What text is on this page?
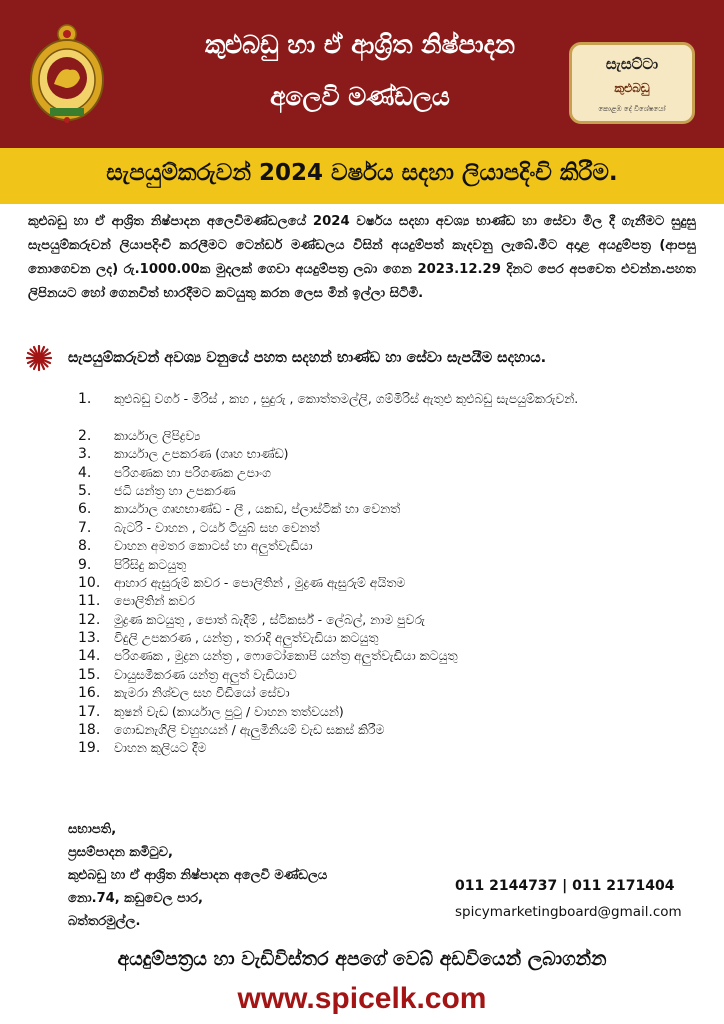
කුළුබඩු හා ඒ ආශ්‍රිත නිෂ්පාදන
අලෙවි මණ්ඩලය
සැසට්ටා
කුළුබඩු
කොළඹ දේ විශේෂයෝ
සැපයුම්කරුවන් 2024 වර්ෂය සදහා ලියාපදිංචි කිරීම.

කුළුබඩු හා ඒ ආශ්‍රිත නිෂ්පාදන අලෙවිමණ්ඩලයේ 2024 වර්ෂය සදහා අවශ්‍ය භාණ්ඩ හා සේවා මිල දී ගැනීමට සුදුසු සැපයුම්කරුවන් ලියාපදිංචි කරලීමට ටෙන්ඩර් මණ්ඩලය විසින් අයදුම්පත් කැදවනු ලැබේ.මිට අදාළ අයදුම්පත්‍ර (ආපසු නොගෙවන ලද) රු.1000.00ක මුදලක් ගෙවා අයදුම්පත්‍ර ලබා ගෙන 2023.12.29 දිනට පෙර අපවෙත එවන්න.පහත ලිපිනයට හෝ ගෙනවිත් භාරදීමට කටයුතු කරන ලෙස මින් ඉල්ලා සිටිමි.

සැපයුම්කරුවන් අවශ්‍ය වනුයේ පහත සදහන් භාණ්ඩ හා සේවා සැපයීම සදහාය.
1. කුළුබඩු වර්ග - මිරිස් , කහ , සුදුරු , කොත්තමල්ලි, ගම්මිරිස් ඇතුළු කුළුබඩු සැපයුම්කරුවන්.
2. කාර්යාල ලිපිද්‍රව්‍ය
3. කාර්යාල උපකරණ (ගෘහ භාණ්ඩ)
4. පරිගණක හා පරිගණක උපාංග
5. ජධි යන්ත්‍ර හා උපකරණ
6. කාර්යාල ගෘහභාණ්ඩ - ලී , යකඩ, ප්ලාස්ටික් හා වෙනත්
7. බැටරි - වාහන , ටයර් ටියුබ් සහ වෙනත්
8. වාහන අමතර කොටස් හා අලුත්වැඩියා
9. පිරිසිදු කටයුතු
10. ආහාර ඇසුරුම් කවර - පොලිතින් , මුද්‍රණ ඇසුරුම් අයිතම
11. පොලිතින් කවර
12. මුද්‍රණ කටයුතු , පොත් බැදීම් , ස්ටිකර්ස් - ලේබල්, නාම පුවරු
13. විදුලි උපකරණ , යන්ත්‍ර , තරාදි අලුත්වැඩියා කටයුතු
14. පරිගණක , මුද්‍රන යන්ත්‍ර , ෆොටෝකොපි යන්ත්‍ර අලුත්වැඩියා කටයුතු
15. වායුසමීකරණ යන්ත්‍ර අලුත් වැඩියාව
16. කැමරා නිශ්චල සහ වීඩියෝ සේවා
17. කුෂන් වැඩ (කාර්යාල පුටු / වාහන තත්වයන්)
18. ගොඩනැගිලි වහුහයන් / ඇලුමිනියම් වැඩ සකස් කිරීම
19. වාහන කුලියට දීම
සභාපති,
ප්‍රසම්පාදන කමිටුව,
කුළුබඩු හා ඒ ආශ්‍රිත නිෂ්පාදන අලෙවි මණ්ඩලය
නො.74, කඩුවෙල පාර,
බත්තරමුල්ල.
011 2144737 | 011 2171404
spicymarketingboard@gmail.com
අයදුම්පත්‍රය හා වැඩිවිස්තර අපගේ වෙබ් අඩවියෙන් ලබාගන්න
www.spicelk.com
